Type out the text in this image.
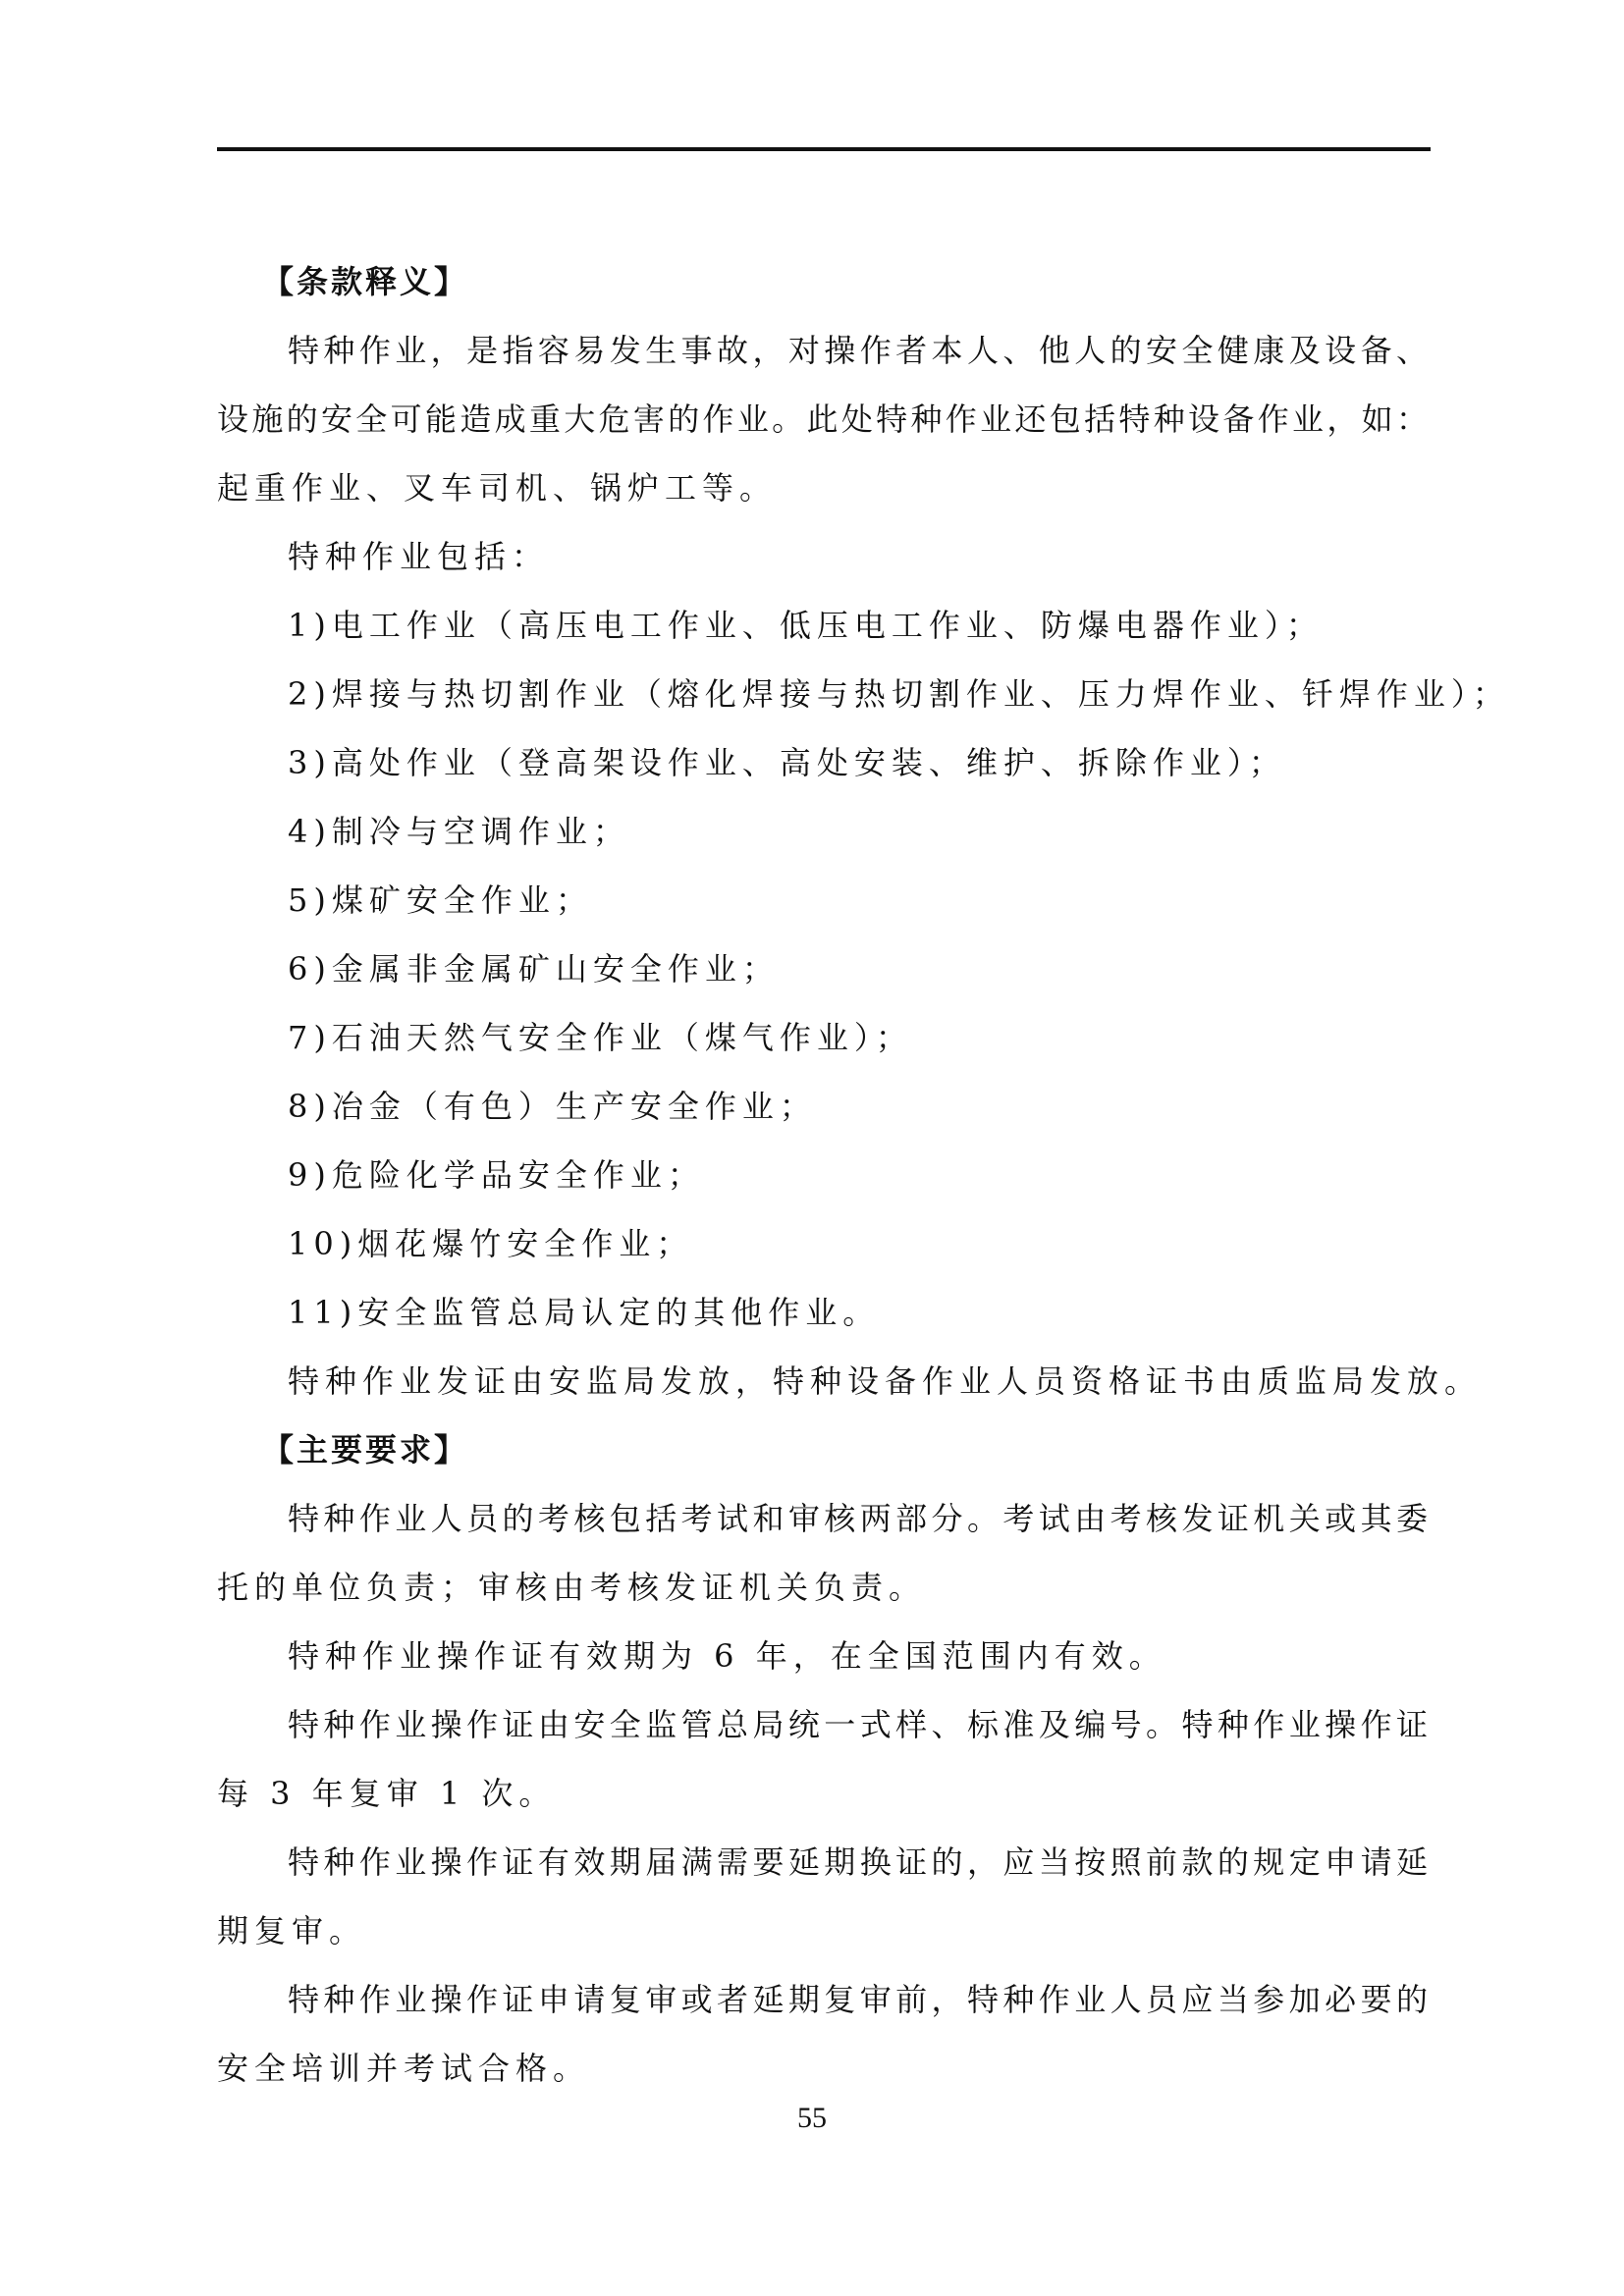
【条款释义】
特种作业，是指容易发生事故，对操作者本人、他人的安全健康及设备、
设施的安全可能造成重大危害的作业。此处特种作业还包括特种设备作业，如：
起重作业、叉车司机、锅炉工等。
特种作业包括：
1)电工作业（高压电工作业、低压电工作业、防爆电器作业）；
2)焊接与热切割作业（熔化焊接与热切割作业、压力焊作业、钎焊作业）；
3)高处作业（登高架设作业、高处安装、维护、拆除作业）；
4)制冷与空调作业；
5)煤矿安全作业；
6)金属非金属矿山安全作业；
7)石油天然气安全作业（煤气作业）；
8)冶金（有色）生产安全作业；
9)危险化学品安全作业；
10)烟花爆竹安全作业；
11)安全监管总局认定的其他作业。
特种作业发证由安监局发放，特种设备作业人员资格证书由质监局发放。
【主要要求】
特种作业人员的考核包括考试和审核两部分。考试由考核发证机关或其委
托的单位负责；审核由考核发证机关负责。
特种作业操作证有效期为 6 年，在全国范围内有效。
特种作业操作证由安全监管总局统一式样、标准及编号。特种作业操作证
每 3 年复审 1 次。
特种作业操作证有效期届满需要延期换证的，应当按照前款的规定申请延
期复审。
特种作业操作证申请复审或者延期复审前，特种作业人员应当参加必要的
安全培训并考试合格。
55
